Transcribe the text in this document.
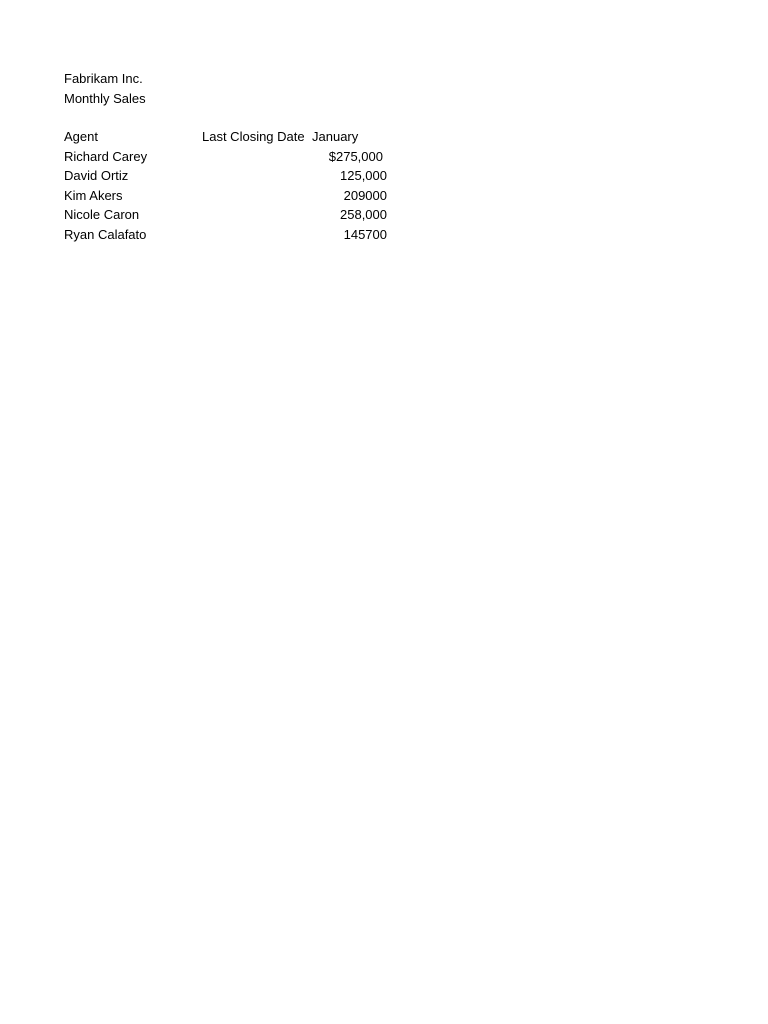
Fabrikam Inc.
Monthly Sales
Agent	Last Closing Date	January
Richard Carey		$275,000
David Ortiz		125,000
Kim Akers		209000
Nicole Caron		258,000
Ryan Calafato		145700
